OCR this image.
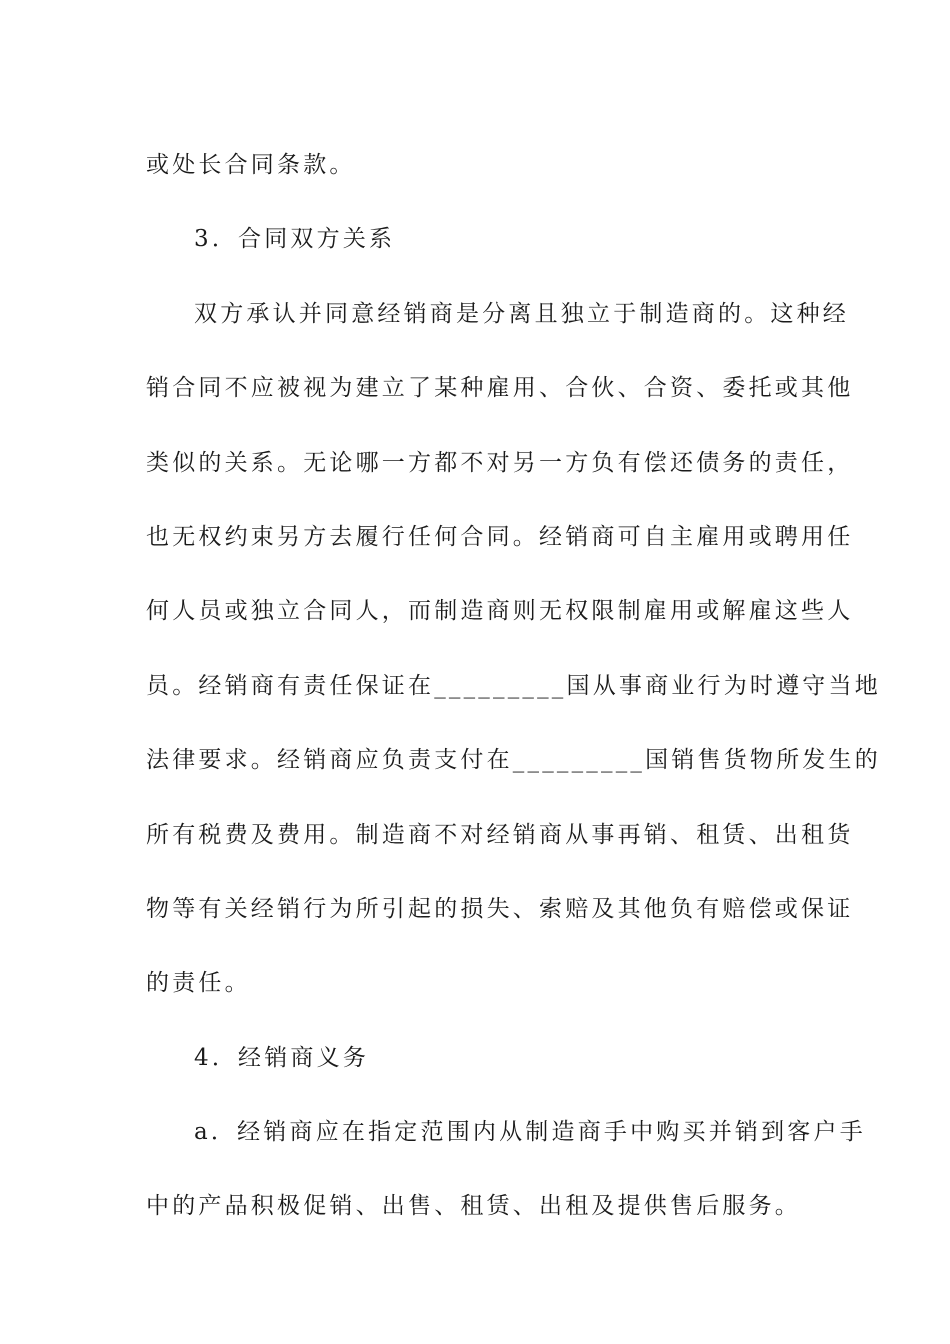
或处长合同条款。
3．合同双方关系
双方承认并同意经销商是分离且独立于制造商的。这种经
销合同不应被视为建立了某种雇用、合伙、合资、委托或其他
类似的关系。无论哪一方都不对另一方负有偿还债务的责任，
也无权约束另方去履行任何合同。经销商可自主雇用或聘用任
何人员或独立合同人，而制造商则无权限制雇用或解雇这些人
员。经销商有责任保证在_________国从事商业行为时遵守当地
法律要求。经销商应负责支付在_________国销售货物所发生的
所有税费及费用。制造商不对经销商从事再销、租赁、出租货
物等有关经销行为所引起的损失、索赔及其他负有赔偿或保证
的责任。
4．经销商义务
a．经销商应在指定范围内从制造商手中购买并销到客户手
中的产品积极促销、出售、租赁、出租及提供售后服务。
